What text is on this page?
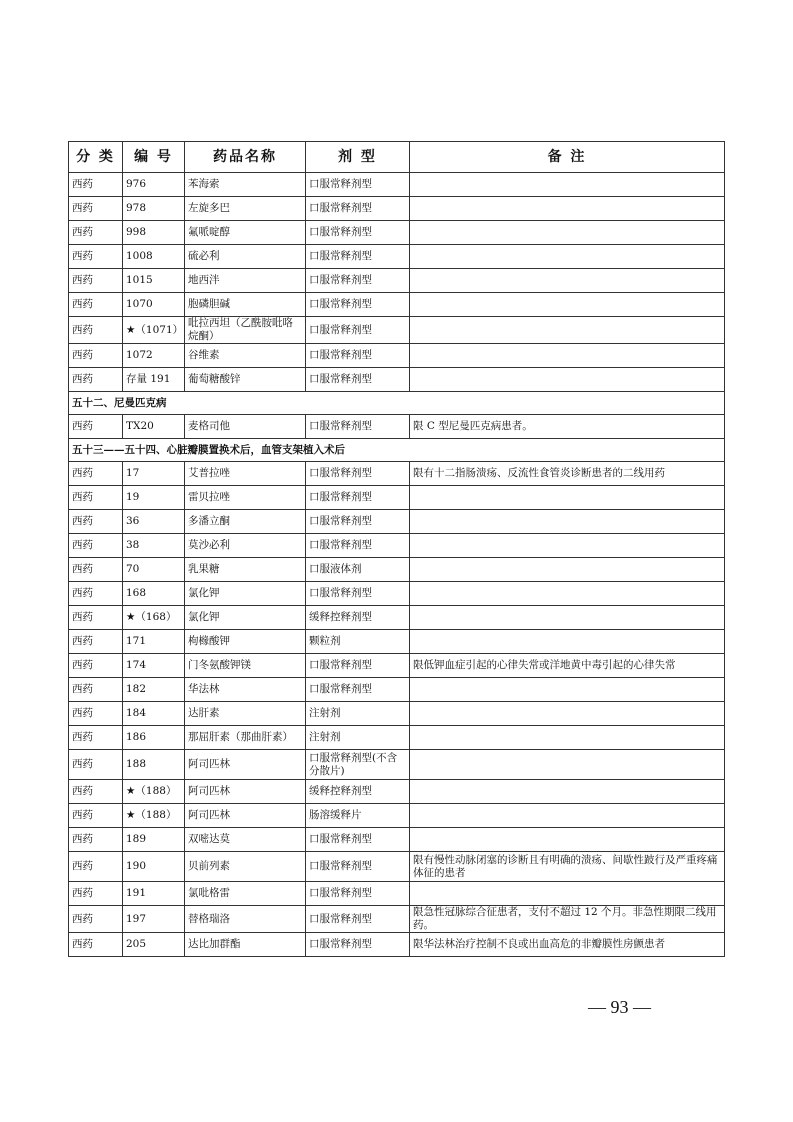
分 类	编 号	药品名称	剂 型	备 注
西药	976	苯海索	口服常释剂型	
西药	978	左旋多巴	口服常释剂型	
西药	998	氟哌啶醇	口服常释剂型	
西药	1008	硫必利	口服常释剂型	
西药	1015	地西泮	口服常释剂型	
西药	1070	胞磷胆碱	口服常释剂型	
西药	★（1071）	吡拉西坦（乙酰胺吡咯烷酮）	口服常释剂型	
西药	1072	谷维素	口服常释剂型	
西药	存量 191	葡萄糖酸锌	口服常释剂型	
五十二、尼曼匹克病				
西药	TX20	麦格司他	口服常释剂型	限 C 型尼曼匹克病患者。
五十三——五十四、心脏瓣膜置换术后，血管支架植入术后				
西药	17	艾普拉唑	口服常释剂型	限有十二指肠溃疡、反流性食管炎诊断患者的二线用药
西药	19	雷贝拉唑	口服常释剂型	
西药	36	多潘立酮	口服常释剂型	
西药	38	莫沙必利	口服常释剂型	
西药	70	乳果糖	口服液体剂	
西药	168	氯化钾	口服常释剂型	
西药	★（168）	氯化钾	缓释控释剂型	
西药	171	枸橼酸钾	颗粒剂	
西药	174	门冬氨酸钾镁	口服常释剂型	限低钾血症引起的心律失常或洋地黄中毒引起的心律失常
西药	182	华法林	口服常释剂型	
西药	184	达肝素	注射剂	
西药	186	那屈肝素（那曲肝素）	注射剂	
西药	188	阿司匹林	口服常释剂型(不含分散片)	
西药	★（188）	阿司匹林	缓释控释剂型	
西药	★（188）	阿司匹林	肠溶缓释片	
西药	189	双嘧达莫	口服常释剂型	
西药	190	贝前列素	口服常释剂型	限有慢性动脉闭塞的诊断且有明确的溃疡、间歇性跛行及严重疼痛体征的患者
西药	191	氯吡格雷	口服常释剂型	
西药	197	替格瑞洛	口服常释剂型	限急性冠脉综合征患者，支付不超过 12 个月。非急性期限二线用药。
西药	205	达比加群酯	口服常释剂型	限华法林治疗控制不良或出血高危的非瓣膜性房颤患者
— 93 —
